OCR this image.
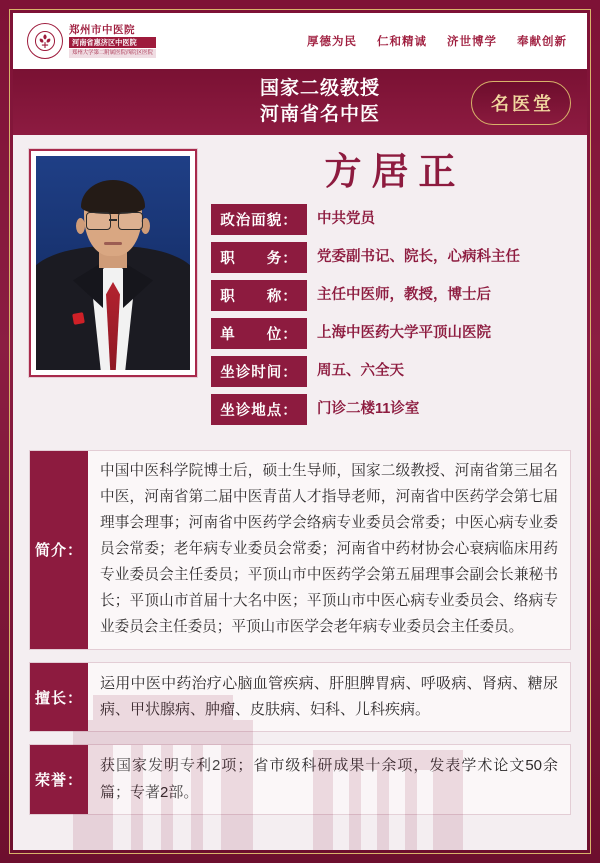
郑州市中医院
河南省惠济区中医院
郑州大学第二附属医院西院区医院
厚德为民 仁和精诚 济世博学 奉献创新
国家二级教授
河南省名中医	名医堂
方居正
政治面貌：	中共党员
职　　务：	党委副书记、院长，心病科主任
职　　称：	主任中医师，教授，博士后
单　　位：	上海中医药大学平顶山医院
坐诊时间：	周五、六全天
坐诊地点：	门诊二楼11诊室
简介：
中国中医科学院博士后，硕士生导师，国家二级教授、河南省第三届名中医，河南省第二届中医青苗人才指导老师，河南省中医药学会第七届理事会理事；河南省中医药学会络病专业委员会常委；中医心病专业委员会常委；老年病专业委员会常委；河南省中药材协会心衰病临床用药专业委员会主任委员；平顶山市中医药学会第五届理事会副会长兼秘书长；平顶山市首届十大名中医；平顶山市中医心病专业委员会、络病专业委员会主任委员；平顶山市医学会老年病专业委员会主任委员。
擅长：
运用中医中药治疗心脑血管疾病、肝胆脾胃病、呼吸病、肾病、糖尿病、甲状腺病、肿瘤、皮肤病、妇科、儿科疾病。
荣誉：
获国家发明专利2项；省市级科研成果十余项，发表学术论文50余篇；专著2部。
